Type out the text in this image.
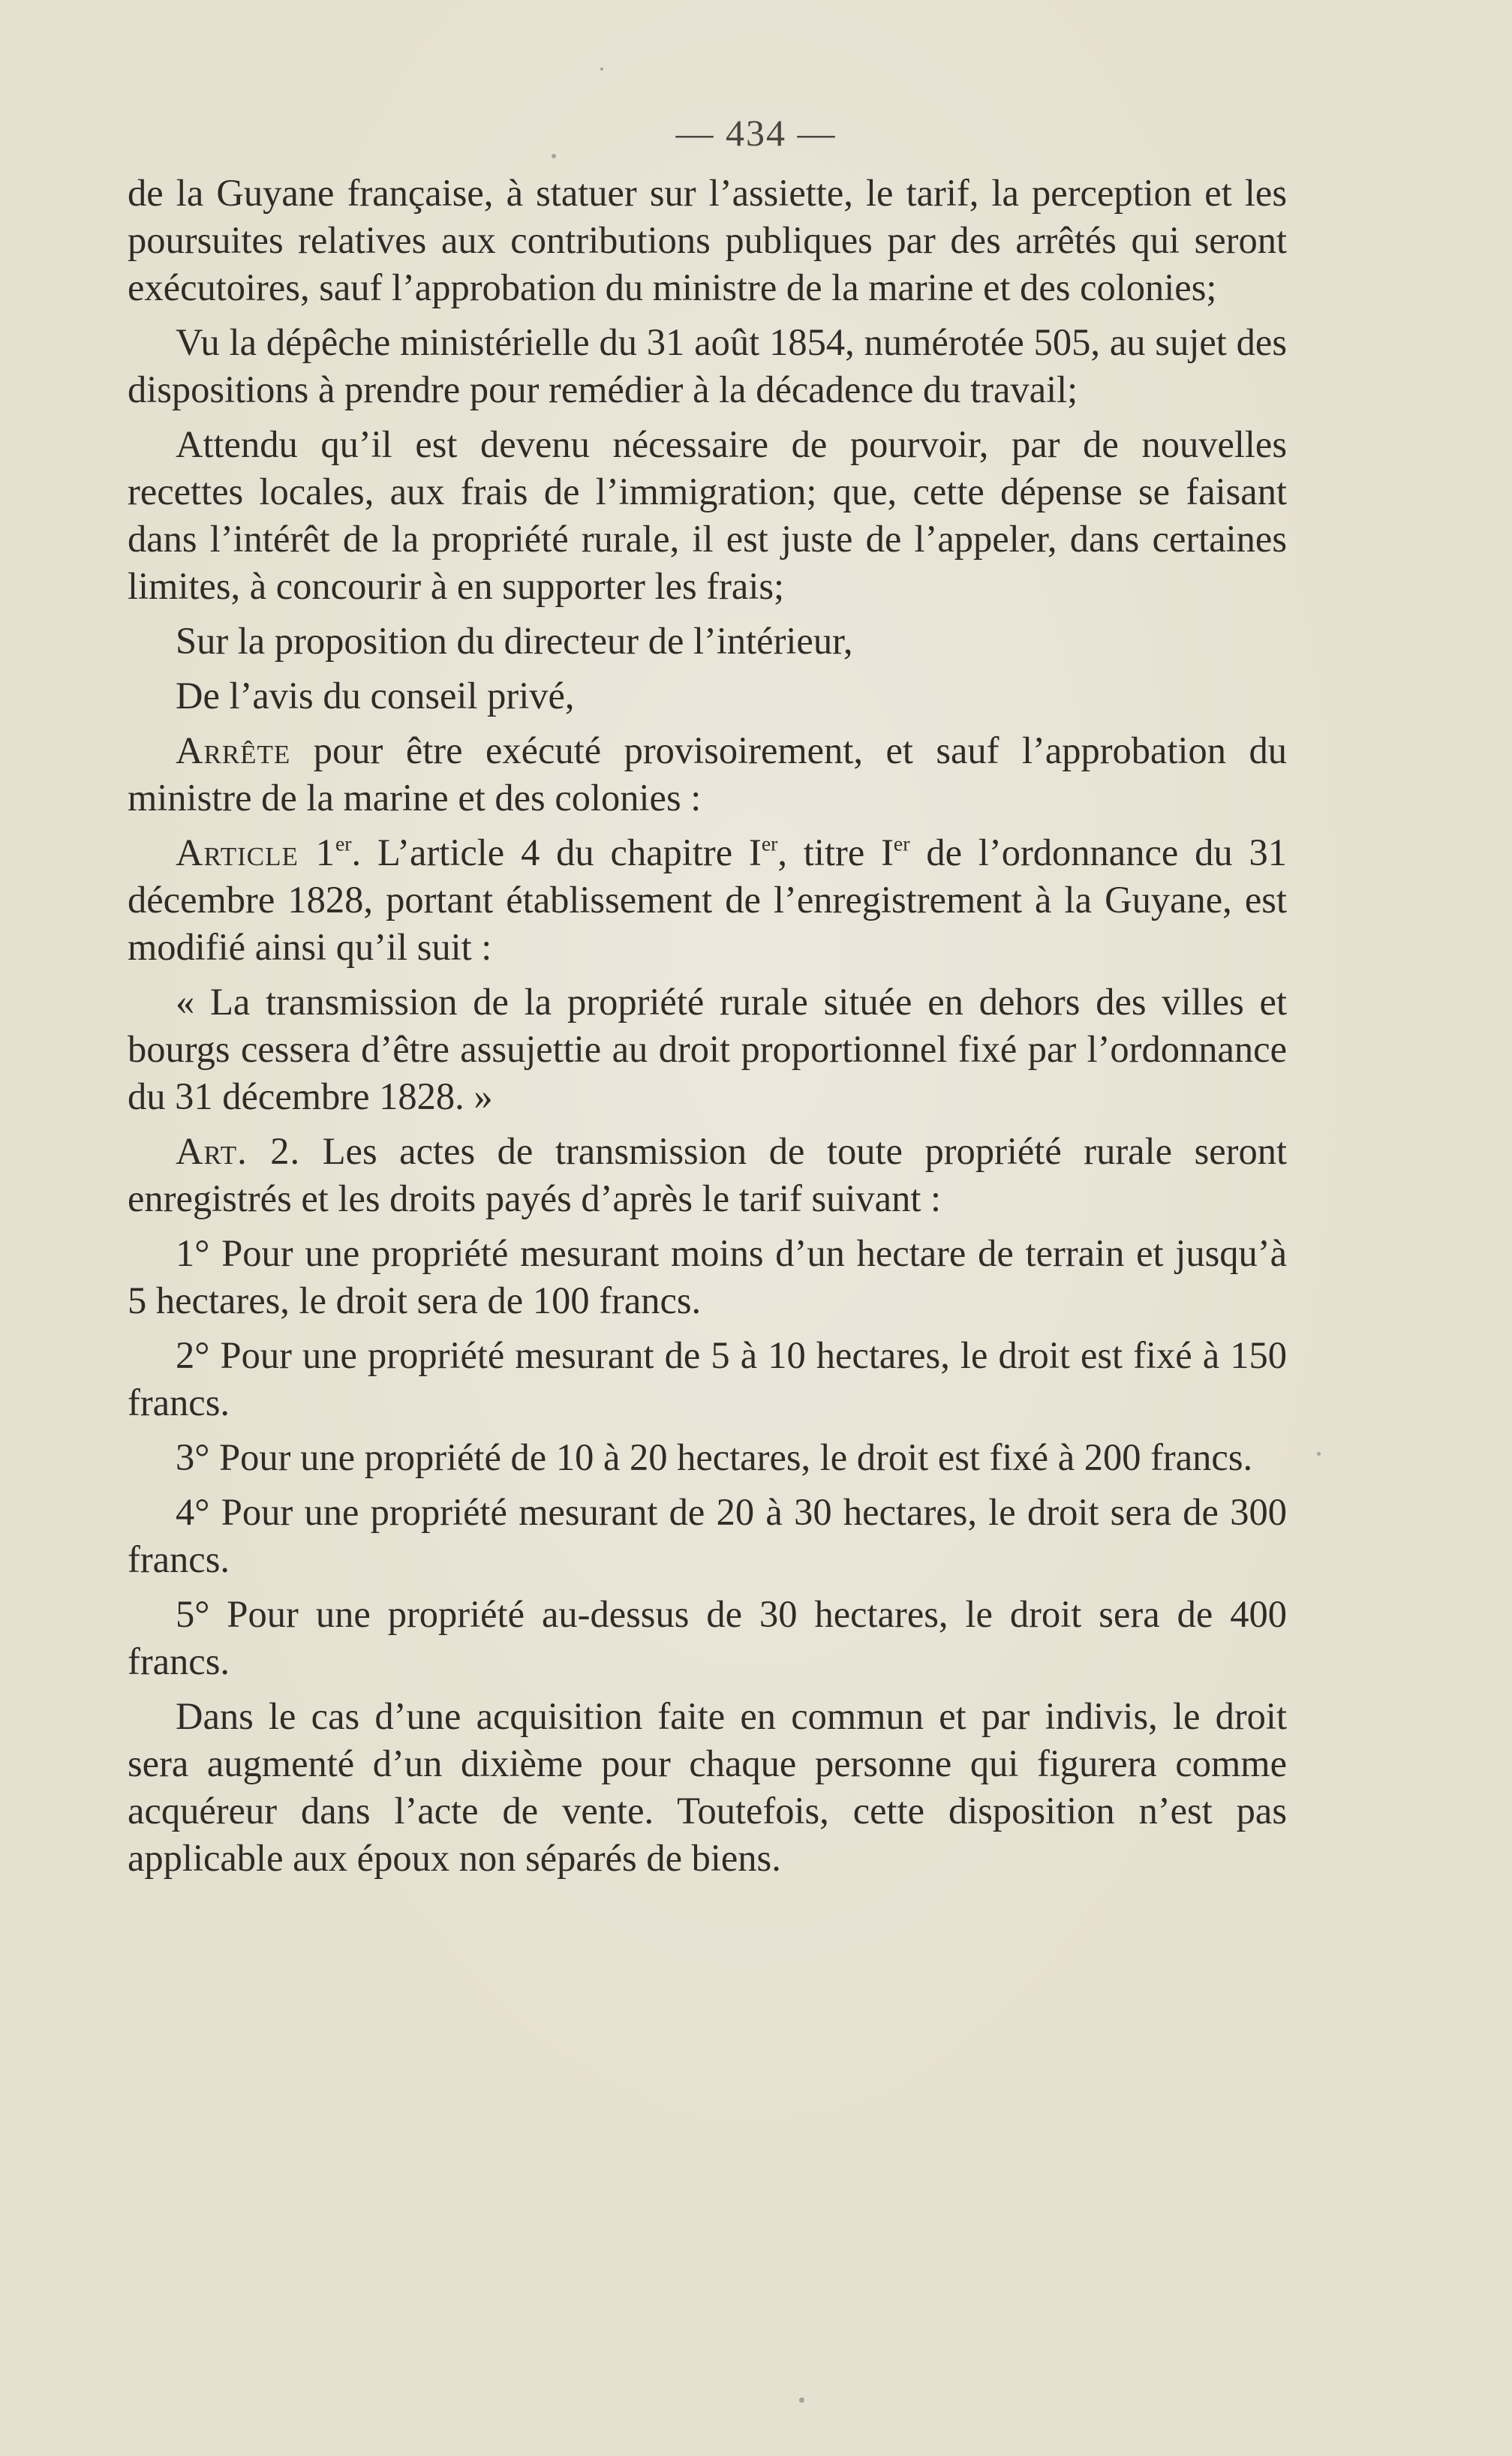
— 434 —

de la Guyane française, à statuer sur l’assiette, le tarif, la perception et les poursuites relatives aux contributions publiques par des arrêtés qui seront exécutoires, sauf l’approbation du ministre de la marine et des colonies;

Vu la dépêche ministérielle du 31 août 1854, numérotée 505, au sujet des dispositions à prendre pour remédier à la décadence du travail;

Attendu qu’il est devenu nécessaire de pourvoir, par de nouvelles recettes locales, aux frais de l’immigration; que, cette dépense se faisant dans l’intérêt de la propriété rurale, il est juste de l’appeler, dans certaines limites, à concourir à en supporter les frais;

Sur la proposition du directeur de l’intérieur,

De l’avis du conseil privé,

Arrête pour être exécuté provisoirement, et sauf l’approbation du ministre de la marine et des colonies :

Article 1er. L’article 4 du chapitre Ier, titre Ier de l’ordonnance du 31 décembre 1828, portant établissement de l’enregistrement à la Guyane, est modifié ainsi qu’il suit :

« La transmission de la propriété rurale située en dehors des villes et bourgs cessera d’être assujettie au droit proportionnel fixé par l’ordonnance du 31 décembre 1828. »

Art. 2. Les actes de transmission de toute propriété rurale seront enregistrés et les droits payés d’après le tarif suivant :

1° Pour une propriété mesurant moins d’un hectare de terrain et jusqu’à 5 hectares, le droit sera de 100 francs.

2° Pour une propriété mesurant de 5 à 10 hectares, le droit est fixé à 150 francs.

3° Pour une propriété de 10 à 20 hectares, le droit est fixé à 200 francs.

4° Pour une propriété mesurant de 20 à 30 hectares, le droit sera de 300 francs.

5° Pour une propriété au-dessus de 30 hectares, le droit sera de 400 francs.

Dans le cas d’une acquisition faite en commun et par indivis, le droit sera augmenté d’un dixième pour chaque personne qui figurera comme acquéreur dans l’acte de vente. Toutefois, cette disposition n’est pas applicable aux époux non séparés de biens.
